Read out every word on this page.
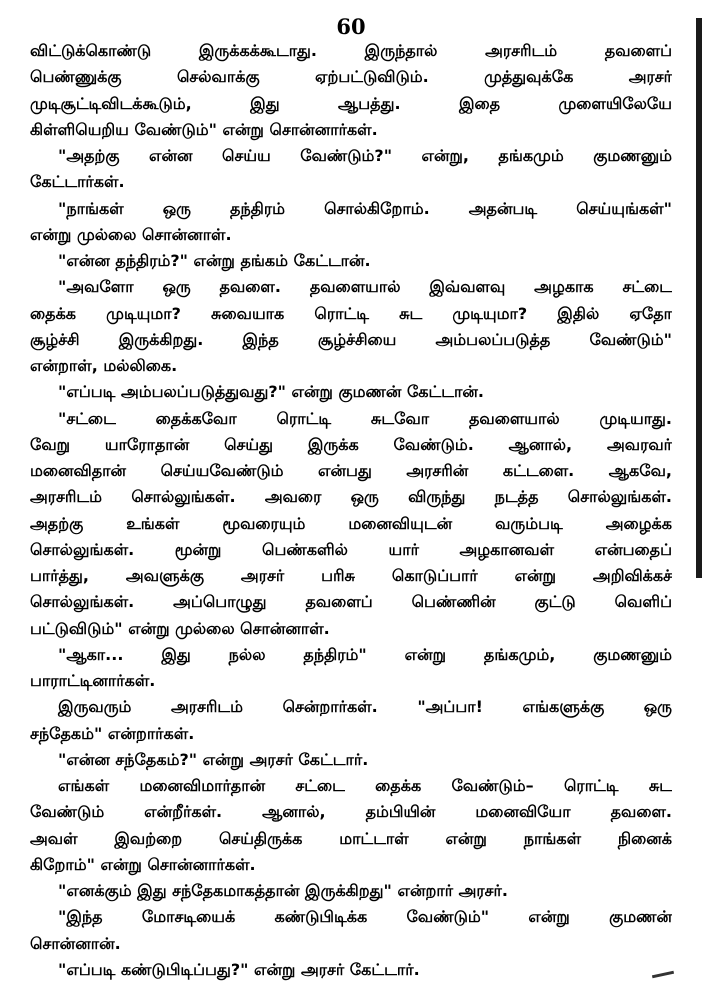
60
விட்டுக்கொண்டு இருக்கக்கூடாது. இருந்தால் அரசரிடம் தவளைப்
பெண்ணுக்கு செல்வாக்கு ஏற்பட்டுவிடும். முத்துவுக்கே அரசர்
முடிசூட்டிவிடக்கூடும், இது ஆபத்து. இதை முளையிலேயே
கிள்ளியெறிய வேண்டும்" என்று சொன்னார்கள்.
"அதற்கு என்ன செய்ய வேண்டும்?" என்று, தங்கமும் குமணனும்
கேட்டார்கள்.
"நாங்கள் ஒரு தந்திரம் சொல்கிறோம். அதன்படி செய்யுங்கள்"
என்று முல்லை சொன்னாள்.
"என்ன தந்திரம்?" என்று தங்கம் கேட்டான்.
"அவளோ ஒரு தவளை. தவளையால் இவ்வளவு அழகாக சட்டை
தைக்க முடியுமா? சுவையாக ரொட்டி சுட முடியுமா? இதில் ஏதோ
சூழ்ச்சி இருக்கிறது. இந்த சூழ்ச்சியை அம்பலப்படுத்த வேண்டும்"
என்றாள், மல்லிகை.
"எப்படி அம்பலப்படுத்துவது?" என்று குமணன் கேட்டான்.
"சட்டை தைக்கவோ ரொட்டி சுடவோ தவளையால் முடியாது.
வேறு யாரோதான் செய்து இருக்க வேண்டும். ஆனால், அவரவர்
மனைவிதான் செய்யவேண்டும் என்பது அரசரின் கட்டளை. ஆகவே,
அரசரிடம் சொல்லுங்கள். அவரை ஒரு விருந்து நடத்த சொல்லுங்கள்.
அதற்கு உங்கள் மூவரையும் மனைவியுடன் வரும்படி அழைக்க
சொல்லுங்கள். மூன்று பெண்களில் யார் அழகானவள் என்பதைப்
பார்த்து, அவளுக்கு அரசர் பரிசு கொடுப்பார் என்று அறிவிக்கச்
சொல்லுங்கள். அப்பொழுது தவளைப் பெண்ணின் குட்டு வெளிப்
பட்டுவிடும்" என்று முல்லை சொன்னாள்.
"ஆகா... இது நல்ல தந்திரம்" என்று தங்கமும், குமணனும்
பாராட்டினார்கள்.
இருவரும் அரசரிடம் சென்றார்கள். "அப்பா! எங்களுக்கு ஒரு
சந்தேகம்" என்றார்கள்.
"என்ன சந்தேகம்?" என்று அரசர் கேட்டார்.
எங்கள் மனைவிமார்தான் சட்டை தைக்க வேண்டும்– ரொட்டி சுட
வேண்டும் என்றீர்கள். ஆனால், தம்பியின் மனைவியோ தவளை.
அவள் இவற்றை செய்திருக்க மாட்டாள் என்று நாங்கள் நினைக்
கிறோம்" என்று சொன்னார்கள்.
"எனக்கும் இது சந்தேகமாகத்தான் இருக்கிறது" என்றார் அரசர்.
"இந்த மோசடியைக் கண்டுபிடிக்க வேண்டும்" என்று குமணன்
சொன்னான்.
"எப்படி கண்டுபிடிப்பது?" என்று அரசர் கேட்டார்.
